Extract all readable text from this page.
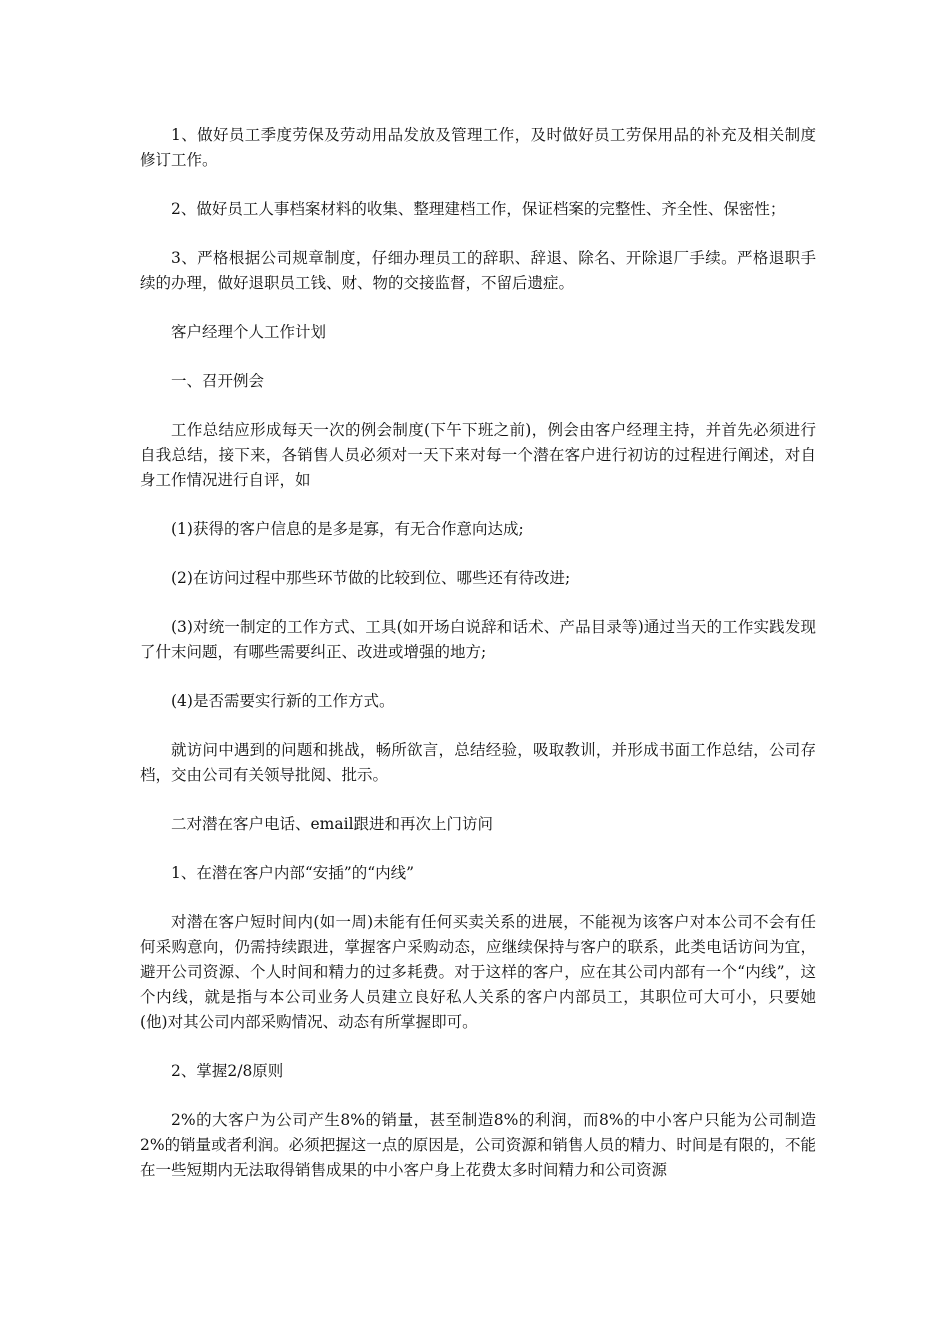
1、做好员工季度劳保及劳动用品发放及管理工作，及时做好员工劳保用品的补充及相关制度修订工作。

2、做好员工人事档案材料的收集、整理建档工作，保证档案的完整性、齐全性、保密性；

3、严格根据公司规章制度，仔细办理员工的辞职、辞退、除名、开除退厂手续。严格退职手续的办理，做好退职员工钱、财、物的交接监督，不留后遗症。

客户经理个人工作计划

一、召开例会

工作总结应形成每天一次的例会制度(下午下班之前)，例会由客户经理主持，并首先必须进行自我总结，接下来，各销售人员必须对一天下来对每一个潜在客户进行初访的过程进行阐述，对自身工作情况进行自评，如

(1)获得的客户信息的是多是寡，有无合作意向达成;

(2)在访问过程中那些环节做的比较到位、哪些还有待改进;

(3)对统一制定的工作方式、工具(如开场白说辞和话术、产品目录等)通过当天的工作实践发现了什末问题，有哪些需要纠正、改进或增强的地方;

(4)是否需要实行新的工作方式。

就访问中遇到的问题和挑战，畅所欲言，总结经验，吸取教训，并形成书面工作总结，公司存档，交由公司有关领导批阅、批示。

二对潜在客户电话、email跟进和再次上门访问

1、在潜在客户内部“安插”的“内线”

对潜在客户短时间内(如一周)未能有任何买卖关系的进展，不能视为该客户对本公司不会有任何采购意向，仍需持续跟进，掌握客户采购动态，应继续保持与客户的联系，此类电话访问为宜，避开公司资源、个人时间和精力的过多耗费。对于这样的客户，应在其公司内部有一个“内线”，这个内线，就是指与本公司业务人员建立良好私人关系的客户内部员工，其职位可大可小，只要她(他)对其公司内部采购情况、动态有所掌握即可。

2、掌握2/8原则

2%的大客户为公司产生8%的销量，甚至制造8%的利润，而8%的中小客户只能为公司制造2%的销量或者利润。必须把握这一点的原因是，公司资源和销售人员的精力、时间是有限的，不能在一些短期内无法取得销售成果的中小客户身上花费太多时间精力和公司资源
